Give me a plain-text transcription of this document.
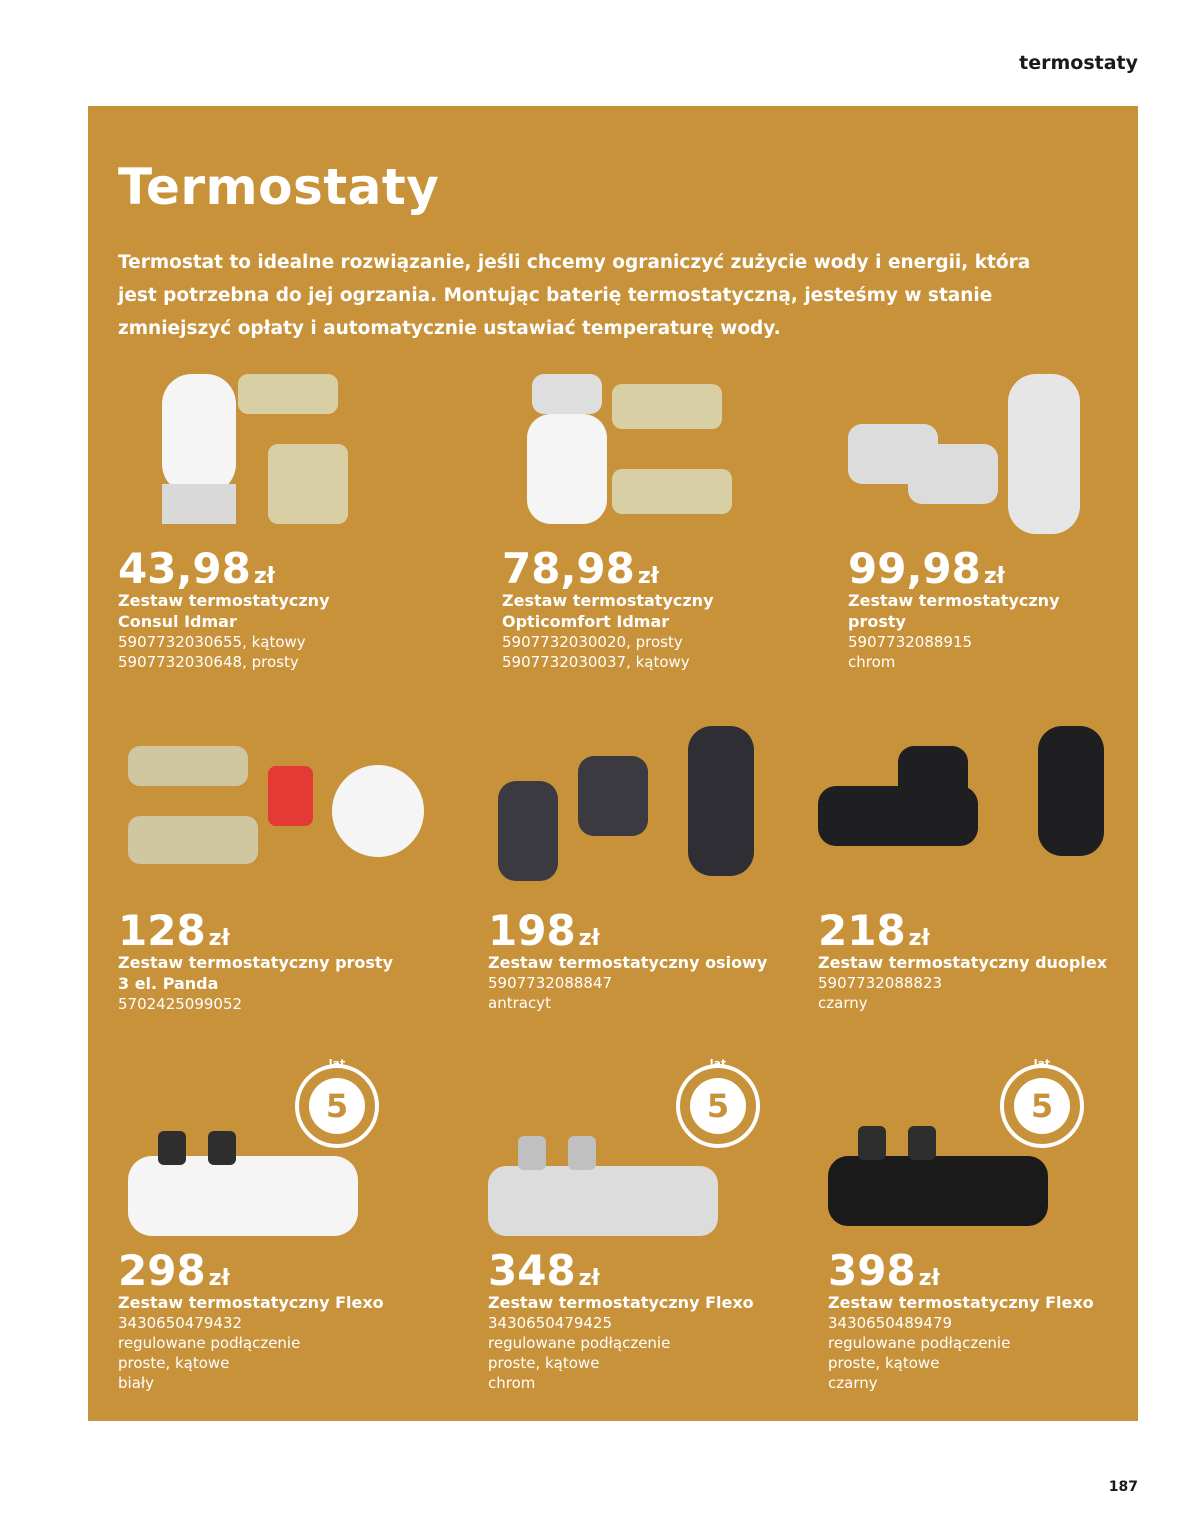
termostaty
Termostaty
Termostat to idealne rozwiązanie, jeśli chcemy ograniczyć zużycie wody i energii, która jest potrzebna do jej ogrzania. Montując baterię termostatyczną, jesteśmy w stanie zmniejszyć opłaty i automatycznie ustawiać temperaturę wody.
43,98 zł
Zestaw termostatyczny
Consul Idmar
5907732030655, kątowy
5907732030648, prosty
78,98 zł
Zestaw termostatyczny
Opticomfort Idmar
5907732030020, prosty
5907732030037, kątowy
99,98 zł
Zestaw termostatyczny
prosty
5907732088915
chrom
128 zł
Zestaw termostatyczny prosty
3 el. Panda
5702425099052
198 zł
Zestaw termostatyczny osiowy
5907732088847
antracyt
218 zł
Zestaw termostatyczny duoplex
5907732088823
czarny
298 zł
Zestaw termostatyczny Flexo
3430650479432
regulowane podłączenie
proste, kątowe
biały
348 zł
Zestaw termostatyczny Flexo
3430650479425
regulowane podłączenie
proste, kątowe
chrom
398 zł
Zestaw termostatyczny Flexo
3430650489479
regulowane podłączenie
proste, kątowe
czarny
5
lat
5
lat
5
lat
187
